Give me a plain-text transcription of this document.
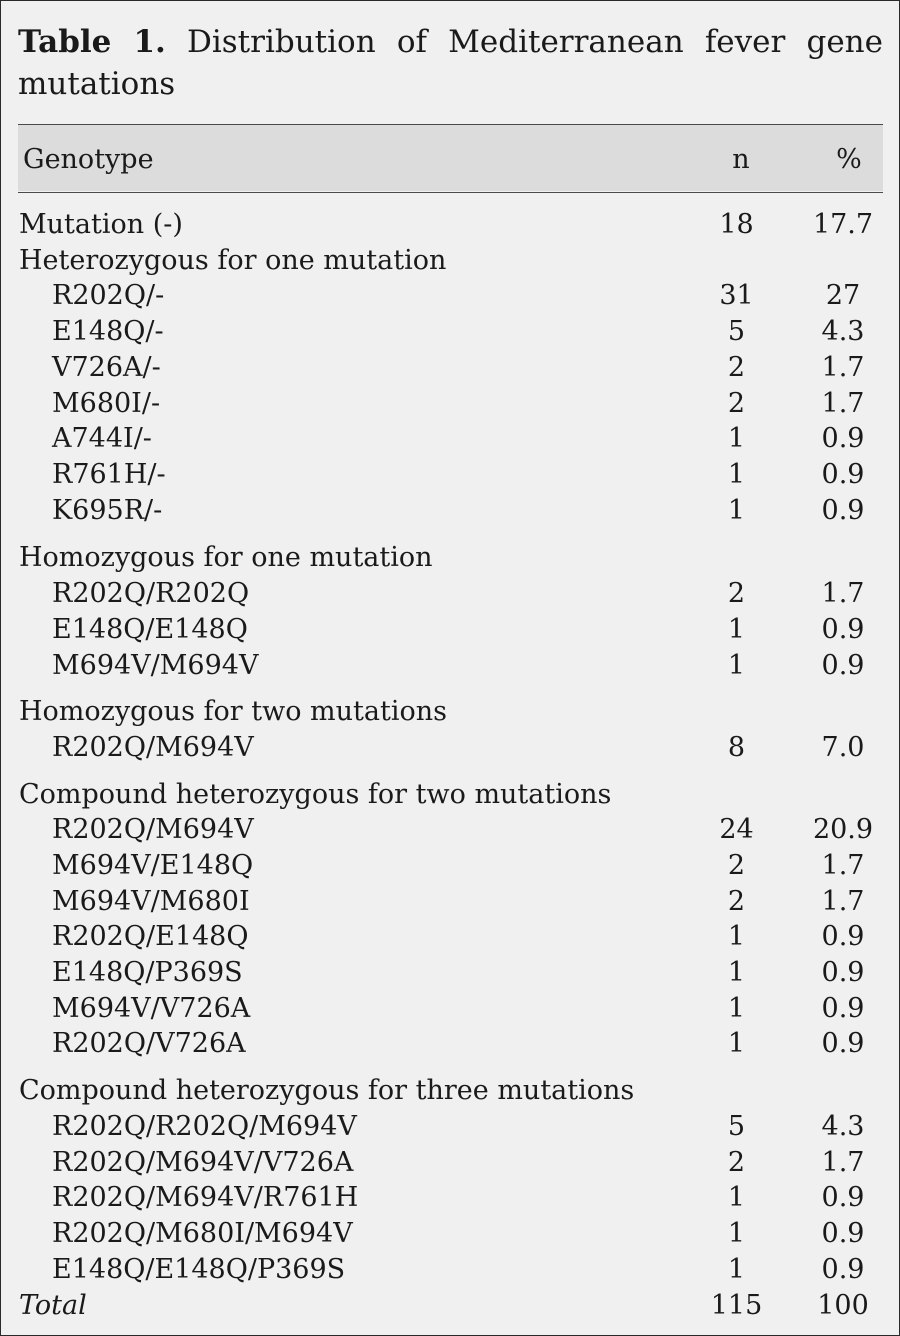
Table 1. Distribution of Mediterranean fever gene mutations
Genotype	n	%
Mutation (-)	18	17.7
Heterozygous for one mutation
R202Q/-	31	27
E148Q/-	5	4.3
V726A/-	2	1.7
M680I/-	2	1.7
A744I/-	1	0.9
R761H/-	1	0.9
K695R/-	1	0.9
Homozygous for one mutation
R202Q/R202Q	2	1.7
E148Q/E148Q	1	0.9
M694V/M694V	1	0.9
Homozygous for two mutations
R202Q/M694V	8	7.0
Compound heterozygous for two mutations
R202Q/M694V	24	20.9
M694V/E148Q	2	1.7
M694V/M680I	2	1.7
R202Q/E148Q	1	0.9
E148Q/P369S	1	0.9
M694V/V726A	1	0.9
R202Q/V726A	1	0.9
Compound heterozygous for three mutations
R202Q/R202Q/M694V	5	4.3
R202Q/M694V/V726A	2	1.7
R202Q/M694V/R761H	1	0.9
R202Q/M680I/M694V	1	0.9
E148Q/E148Q/P369S	1	0.9
Total	115	100
